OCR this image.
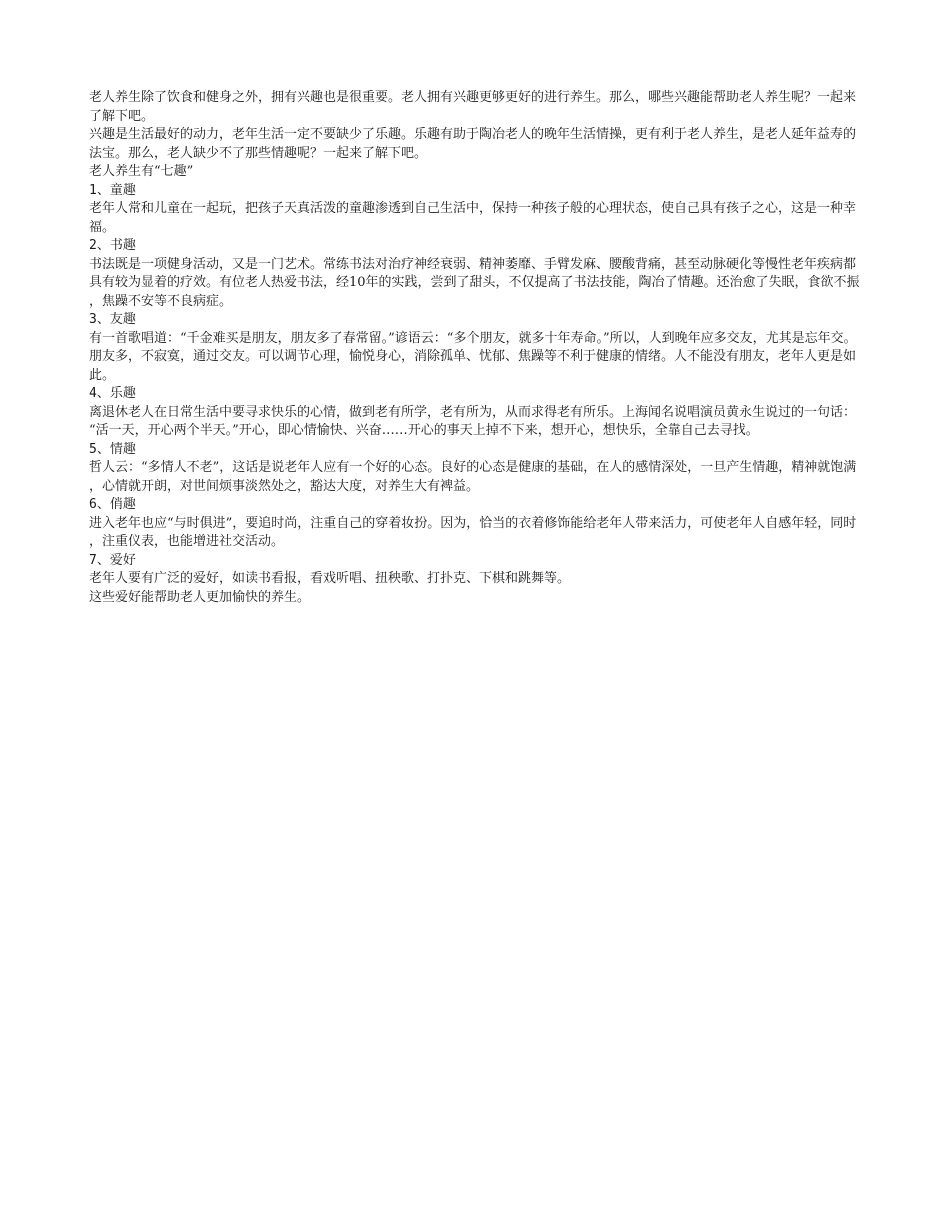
老人养生除了饮食和健身之外，拥有兴趣也是很重要。老人拥有兴趣更够更好的进行养生。那么，哪些兴趣能帮助老人养生呢？一起来了解下吧。

兴趣是生活最好的动力，老年生活一定不要缺少了乐趣。乐趣有助于陶冶老人的晚年生活情操，更有利于老人养生，是老人延年益寿的法宝。那么，老人缺少不了那些情趣呢？一起来了解下吧。

老人养生有“七趣”

1、童趣

老年人常和儿童在一起玩，把孩子天真活泼的童趣渗透到自己生活中，保持一种孩子般的心理状态，使自己具有孩子之心，这是一种幸福。

2、书趣

书法既是一项健身活动，又是一门艺术。常练书法对治疗神经衰弱、精神萎靡、手臂发麻、腰酸背痛，甚至动脉硬化等慢性老年疾病都具有较为显着的疗效。有位老人热爱书法，经10年的实践，尝到了甜头，不仅提高了书法技能，陶冶了情趣。还治愈了失眠，食欲不振，焦躁不安等不良病症。

3、友趣

有一首歌唱道：“千金难买是朋友，朋友多了春常留。”谚语云：“多个朋友，就多十年寿命。”所以，人到晚年应多交友，尤其是忘年交。朋友多，不寂寞，通过交友。可以调节心理，愉悦身心，消除孤单、忧郁、焦躁等不利于健康的情绪。人不能没有朋友，老年人更是如此。

4、乐趣

离退休老人在日常生活中要寻求快乐的心情，做到老有所学，老有所为，从而求得老有所乐。上海闻名说唱演员黄永生说过的一句话：“活一天，开心两个半天。”开心，即心情愉快、兴奋……开心的事天上掉不下来，想开心，想快乐，全靠自己去寻找。

5、情趣

哲人云：“多情人不老”，这话是说老年人应有一个好的心态。良好的心态是健康的基础，在人的感情深处，一旦产生情趣，精神就饱满，心情就开朗，对世间烦事淡然处之，豁达大度，对养生大有裨益。

6、俏趣

进入老年也应“与时俱进”，要追时尚，注重自己的穿着妆扮。因为，恰当的衣着修饰能给老年人带来活力，可使老年人自感年轻，同时，注重仪表，也能增进社交活动。

7、爱好

老年人要有广泛的爱好，如读书看报，看戏听唱、扭秧歌、打扑克、下棋和跳舞等。

这些爱好能帮助老人更加愉快的养生。
